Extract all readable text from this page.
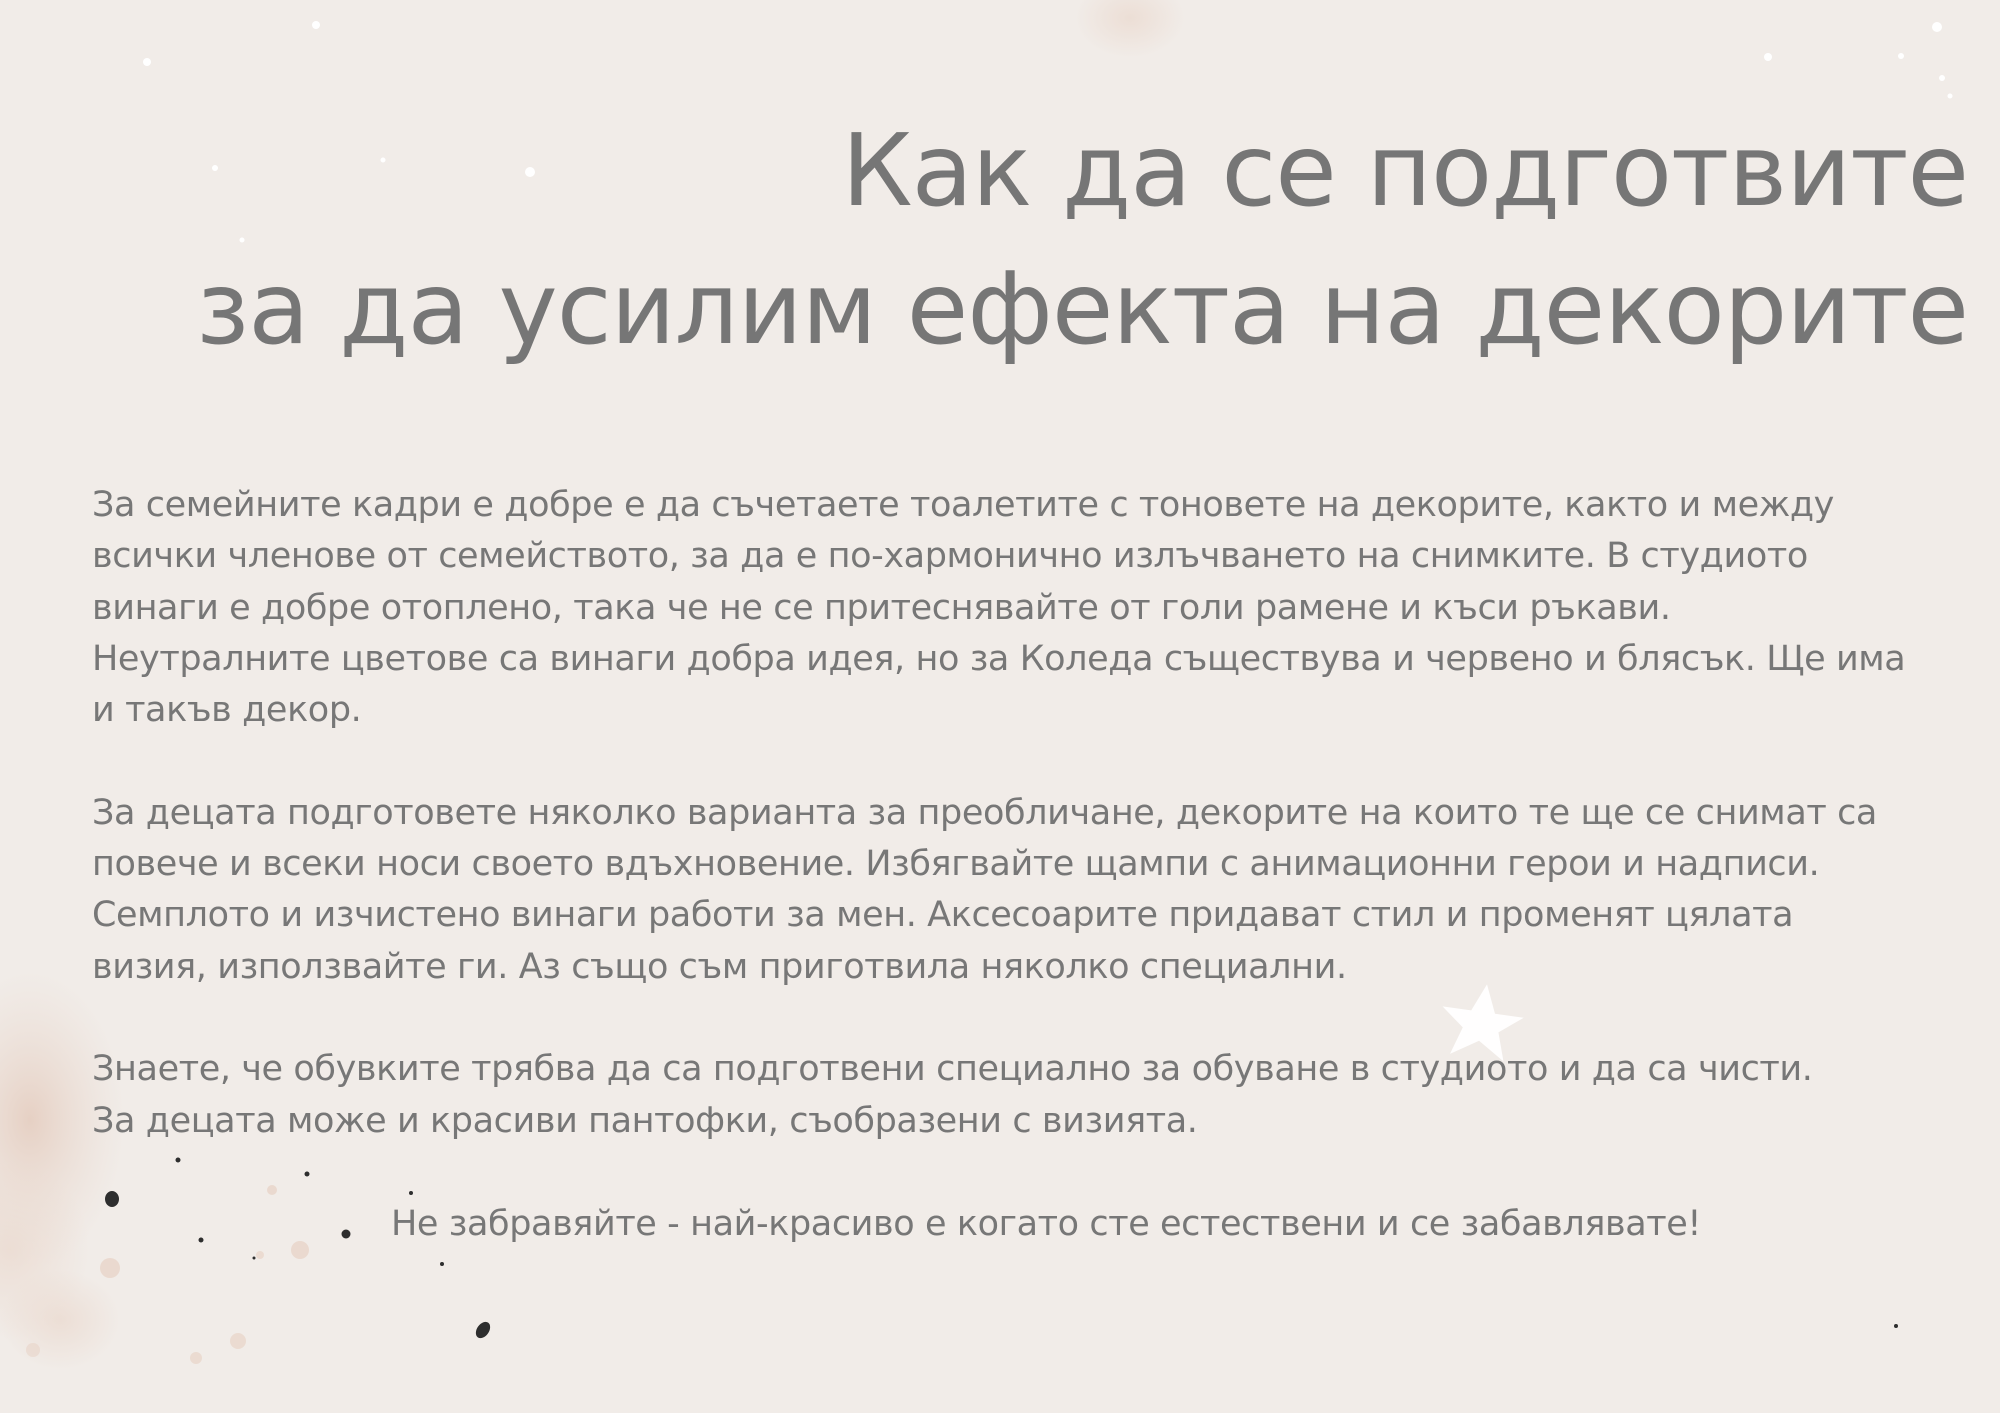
Как да се подготвите
за да усилим ефекта на декорите

За семейните кадри е добре е да съчетаете тоалетите с тоновете на декорите, както и между
всички членове от семейството, за да е по-хармонично излъчването на снимките. В студиото
винаги е добре отоплено, така че не се притеснявайте от голи рамене и къси ръкави.
Неутралните цветове са винаги добра идея, но за Коледа съществува и червено и блясък. Ще има
и такъв декор.

За децата подготовете няколко варианта за преобличане, декорите на които те ще се снимат са
повече и всеки носи своето вдъхновение. Избягвайте щампи с анимационни герои и надписи.
Семплото и изчистено винаги работи за мен. Аксесоарите придават стил и променят цялата
визия, използвайте ги. Аз също съм приготвила няколко специални.

Знаете, че обувките трябва да са подготвени специално за обуване в студиото и да са чисти.
За децата може и красиви пантофки, съобразени с визията.

Не забравяйте - най-красиво е когато сте естествени и се забавлявате!
